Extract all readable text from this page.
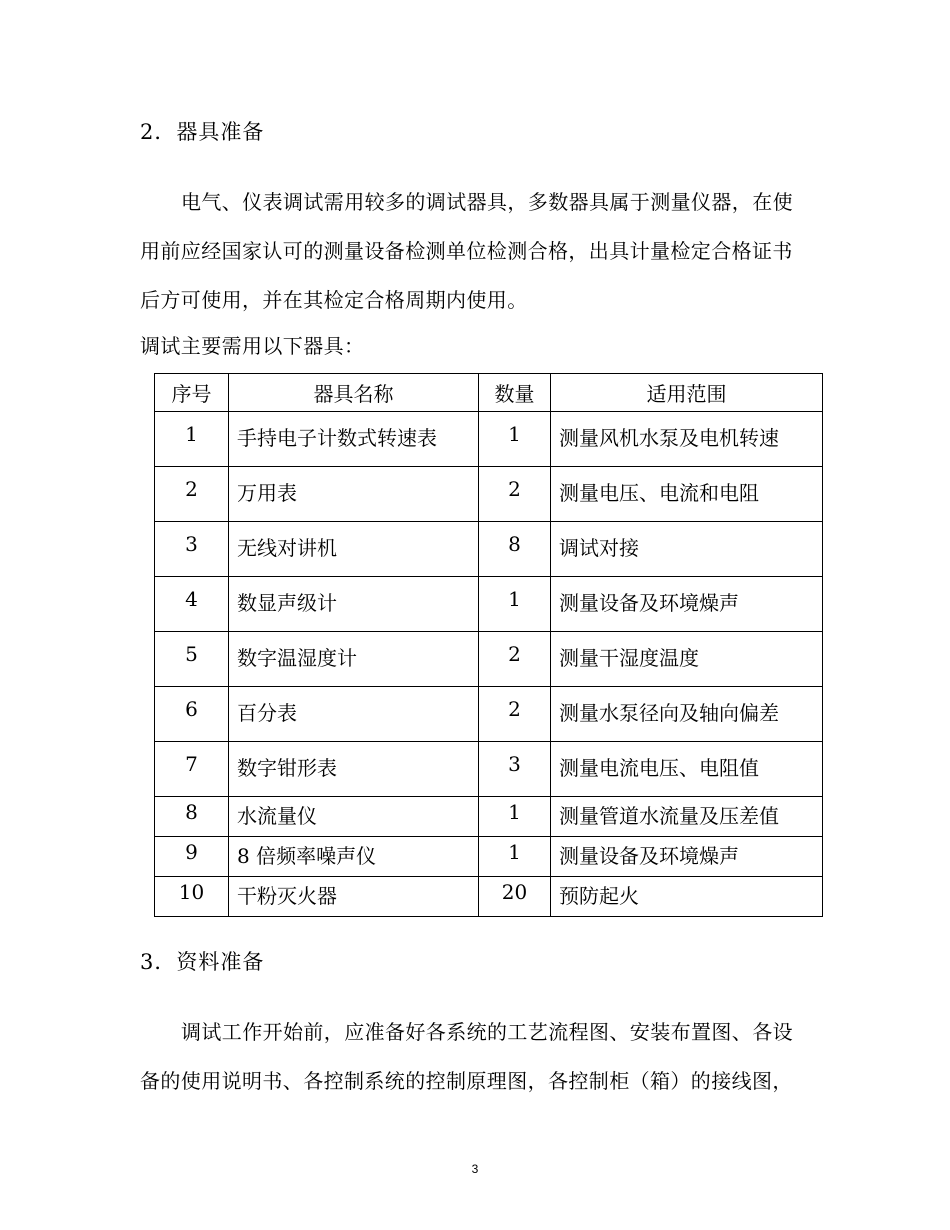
2．器具准备
电气、仪表调试需用较多的调试器具，多数器具属于测量仪器，在使
用前应经国家认可的测量设备检测单位检测合格，出具计量检定合格证书
后方可使用，并在其检定合格周期内使用。
调试主要需用以下器具：
序号	器具名称	数量	适用范围

1	手持电子计数式转速表	1	测量风机水泵及电机转速

2	万用表	2	测量电压、电流和电阻

3	无线对讲机	8	调试对接

4	数显声级计	1	测量设备及环境燥声

5	数字温湿度计	2	测量干湿度温度

6	百分表	2	测量水泵径向及轴向偏差

7	数字钳形表	3	测量电流电压、电阻值

8	水流量仪	1	测量管道水流量及压差值

9	8 倍频率噪声仪	1	测量设备及环境燥声

10	干粉灭火器	20	预防起火
3．资料准备
调试工作开始前，应准备好各系统的工艺流程图、安装布置图、各设
备的使用说明书、各控制系统的控制原理图，各控制柜（箱）的接线图，
3
